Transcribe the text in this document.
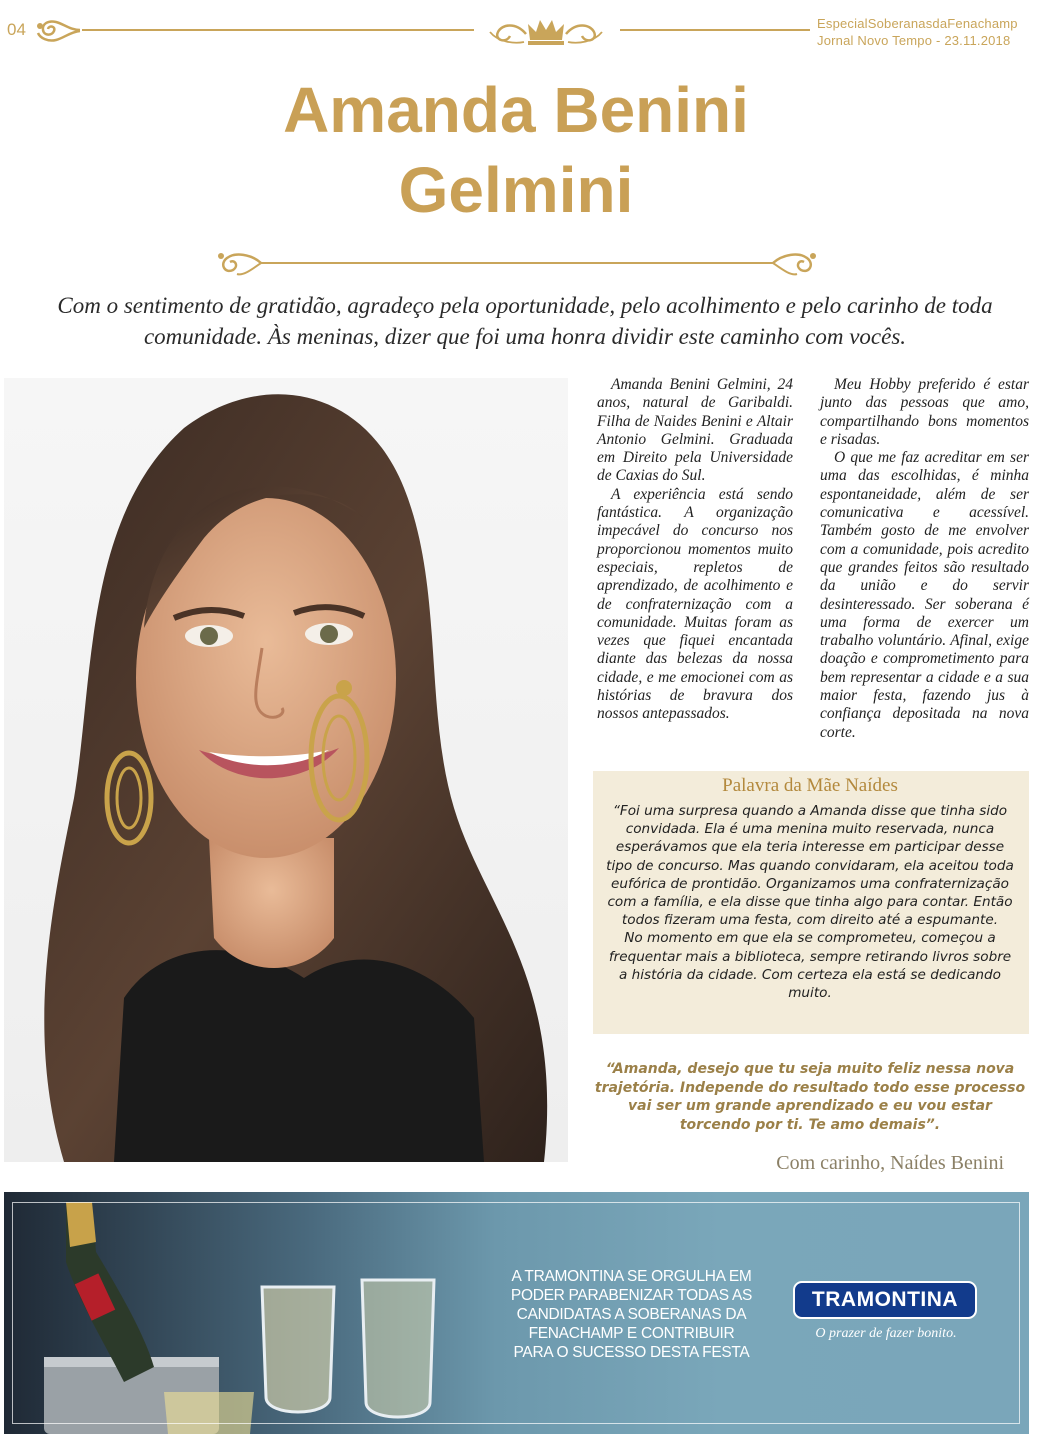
04	EspecialSoberanasdaFenachamp
Jornal Novo Tempo - 23.11.2018
Amanda Benini
Gelmini

Com o sentimento de gratidão, agradeço pela oportunidade, pelo acolhimento e pelo carinho de toda comunidade. Às meninas, dizer que foi uma honra dividir este caminho com vocês.

Amanda Benini Gelmini, 24 anos, natural de Garibaldi. Filha de Naides Benini e Altair Antonio Gelmini. Graduada em Direito pela Universidade de Caxias do Sul.

A experiência está sendo fantástica. A organização impecável do concurso nos proporcionou momentos muito especiais, repletos de aprendizado, de acolhimento e de confraternização com a comunidade. Muitas foram as vezes que fiquei encantada diante das belezas da nossa cidade, e me emocionei com as histórias de bravura dos nossos antepassados.

Meu Hobby preferido é estar junto das pessoas que amo, compartilhando bons momentos e risadas.

O que me faz acreditar em ser uma das escolhidas, é minha espontaneidade, além de ser comunicativa e acessível. Também gosto de me envolver com a comunidade, pois acredito que grandes feitos são resultado da união e do servir desinteressado. Ser soberana é uma forma de exercer um trabalho voluntário. Afinal, exige doação e comprometimento para bem representar a cidade e a sua maior festa, fazendo jus à confiança depositada na nova corte.

Palavra da Mãe Naídes
“Foi uma surpresa quando a Amanda disse que tinha sido convidada. Ela é uma menina muito reservada, nunca esperávamos que ela teria interesse em participar desse tipo de concurso. Mas quando convidaram, ela aceitou toda eufórica de prontidão. Organizamos uma confraternização com a família, e ela disse que tinha algo para contar. Então todos fizeram uma festa, com direito até a espumante.
No momento em que ela se comprometeu, começou a frequentar mais a biblioteca, sempre retirando livros sobre a história da cidade. Com certeza ela está se dedicando muito.

“Amanda, desejo que tu seja muito feliz nessa nova trajetória. Independe do resultado todo esse processo vai ser um grande aprendizado e eu vou estar torcendo por ti. Te amo demais”.

Com carinho, Naídes Benini

A TRAMONTINA SE ORGULHA EM PODER PARABENIZAR TODAS AS CANDIDATAS A SOBERANAS DA FENACHAMP E CONTRIBUIR PARA O SUCESSO DESTA FESTA
TRAMONTINA
O prazer de fazer bonito.
